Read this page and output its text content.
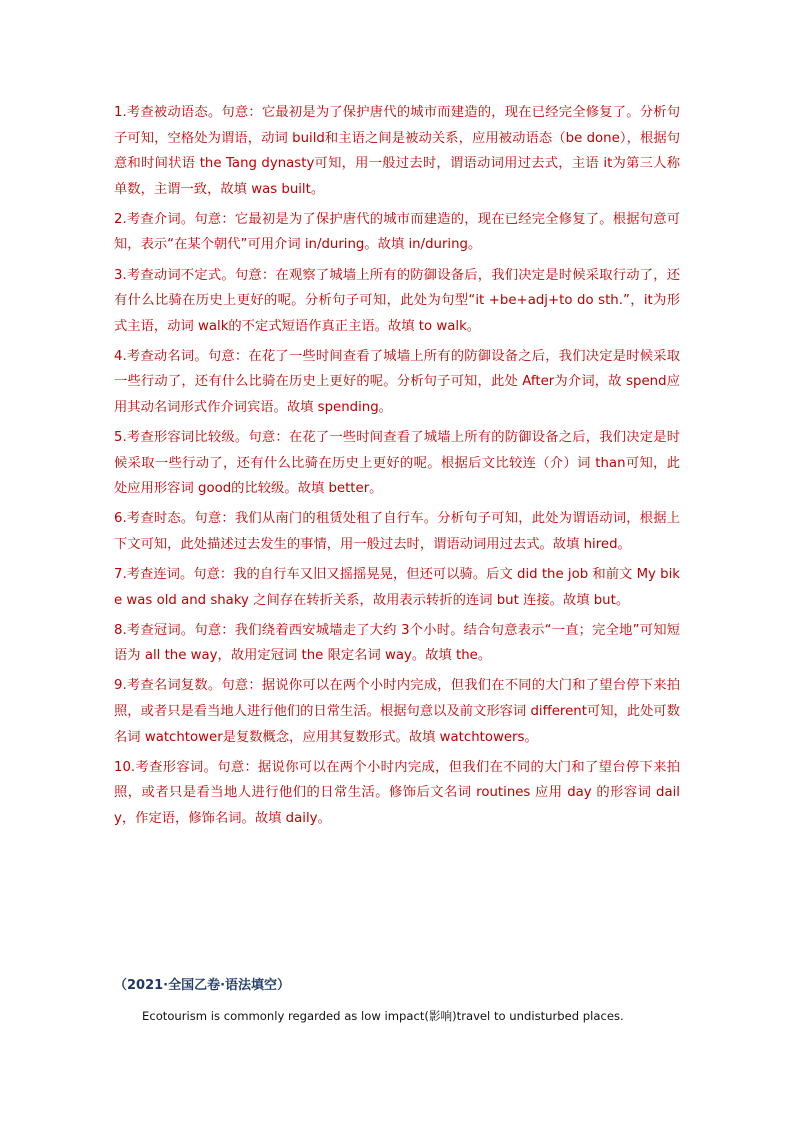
1.考查被动语态。句意：它最初是为了保护唐代的城市而建造的，现在已经完全修复了。分析句子可知，空格处为谓语，动词 build和主语之间是被动关系，应用被动语态（be done），根据句意和时间状语 the Tang dynasty可知，用一般过去时，谓语动词用过去式，主语 it为第三人称单数，主谓一致，故填 was built。

2.考查介词。句意：它最初是为了保护唐代的城市而建造的，现在已经完全修复了。根据句意可知，表示“在某个朝代”可用介词 in/during。故填 in/during。

3.考查动词不定式。句意：在观察了城墙上所有的防御设备后，我们决定是时候采取行动了，还有什么比骑在历史上更好的呢。分析句子可知，此处为句型“it +be+adj+to do sth.”，it为形式主语，动词 walk的不定式短语作真正主语。故填 to walk。

4.考查动名词。句意：在花了一些时间查看了城墙上所有的防御设备之后，我们决定是时候采取一些行动了，还有什么比骑在历史上更好的呢。分析句子可知，此处 After为介词，故 spend应用其动名词形式作介词宾语。故填 spending。

5.考查形容词比较级。句意：在花了一些时间查看了城墙上所有的防御设备之后，我们决定是时候采取一些行动了，还有什么比骑在历史上更好的呢。根据后文比较连（介）词 than可知，此处应用形容词 good的比较级。故填 better。

6.考查时态。句意：我们从南门的租赁处租了自行车。分析句子可知，此处为谓语动词，根据上下文可知，此处描述过去发生的事情，用一般过去时，谓语动词用过去式。故填 hired。

7.考查连词。句意：我的自行车又旧又摇摇晃晃，但还可以骑。后文 did the job 和前文 My bike was old and shaky 之间存在转折关系，故用表示转折的连词 but 连接。故填 but。

8.考查冠词。句意：我们绕着西安城墙走了大约 3个小时。结合句意表示“一直；完全地”可知短语为 all the way，故用定冠词 the 限定名词 way。故填 the。

9.考查名词复数。句意：据说你可以在两个小时内完成，但我们在不同的大门和了望台停下来拍照，或者只是看当地人进行他们的日常生活。根据句意以及前文形容词 different可知，此处可数名词 watchtower是复数概念，应用其复数形式。故填 watchtowers。

10.考查形容词。句意：据说你可以在两个小时内完成，但我们在不同的大门和了望台停下来拍照，或者只是看当地人进行他们的日常生活。修饰后文名词 routines 应用 day 的形容词 daily，作定语，修饰名词。故填 daily。

（2021·全国乙卷·语法填空）
Ecotourism is commonly regarded as low impact(影响)travel to undisturbed places.
